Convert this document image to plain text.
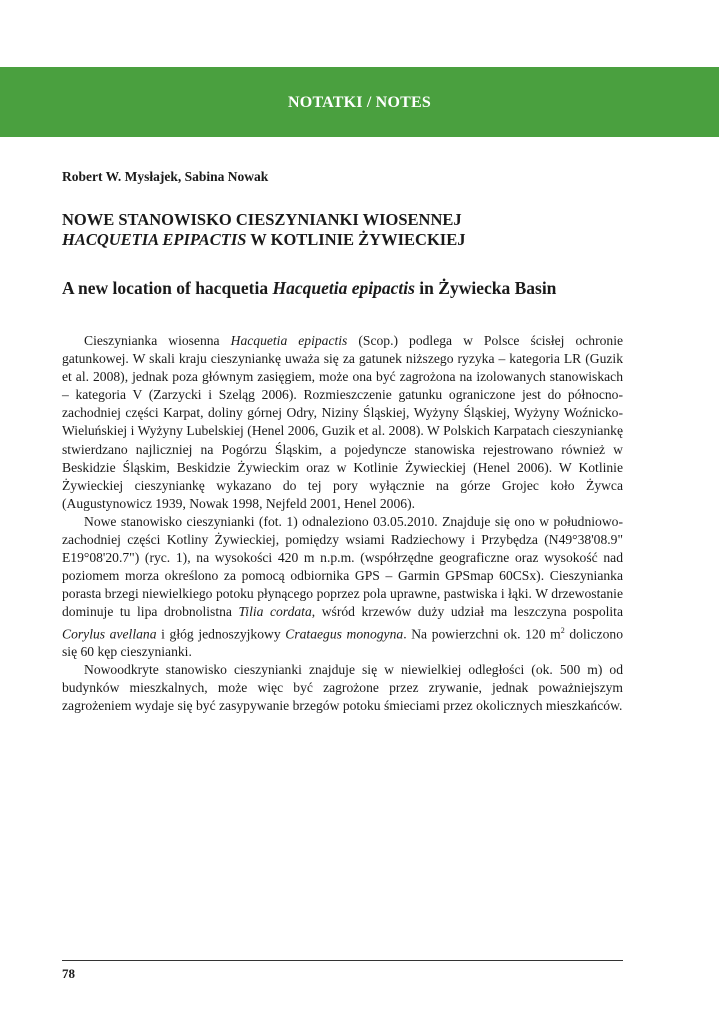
NOTATKI / NOTES
Robert W. Mysłajek, Sabina Nowak
NOWE STANOWISKO CIESZYNIANKI WIOSENNEJ
HACQUETIA EPIPACTIS W KOTLINIE ŻYWIECKIEJ
A new location of hacquetia Hacquetia epipactis in Żywiecka Basin

Cieszynianka wiosenna Hacquetia epipactis (Scop.) podlega w Polsce ścisłej ochronie gatunkowej. W skali kraju cieszyniankę uważa się za gatunek niższego ryzyka – kategoria LR (Guzik et al. 2008), jednak poza głównym zasięgiem, może ona być zagrożona na izolowanych stanowiskach – kategoria V (Zarzycki i Szeląg 2006). Rozmieszczenie gatunku ograniczone jest do północno-zachodniej części Karpat, doliny górnej Odry, Niziny Śląskiej, Wyżyny Śląskiej, Wyżyny Woźnicko-Wieluńskiej i Wyżyny Lubelskiej (Henel 2006, Guzik et al. 2008). W Polskich Karpatach cieszyniankę stwierdzano najliczniej na Pogórzu Śląskim, a pojedyncze stanowiska rejestrowano również w Beskidzie Śląskim, Beskidzie Żywieckim oraz w Kotlinie Żywieckiej (Henel 2006). W Kotlinie Żywieckiej cieszyniankę wykazano do tej pory wyłącznie na górze Grojec koło Żywca (Augustynowicz 1939, Nowak 1998, Nejfeld 2001, Henel 2006).

Nowe stanowisko cieszynianki (fot. 1) odnaleziono 03.05.2010. Znajduje się ono w południowo-zachodniej części Kotliny Żywieckiej, pomiędzy wsiami Radziechowy i Przybędza (N49°38'08.9" E19°08'20.7") (ryc. 1), na wysokości 420 m n.p.m. (współrzędne geograficzne oraz wysokość nad poziomem morza określono za pomocą odbiornika GPS – Garmin GPSmap 60CSx). Cieszynianka porasta brzegi niewielkiego potoku płynącego poprzez pola uprawne, pastwiska i łąki. W drzewostanie dominuje tu lipa drobnolistna Tilia cordata, wśród krzewów duży udział ma leszczyna pospolita Corylus avellana i głóg jednoszyjkowy Crataegus monogyna. Na powierzchni ok. 120 $m^2$ doliczono się 60 kęp cieszynianki.

Nowoodkryte stanowisko cieszynianki znajduje się w niewielkiej odległości (ok. 500 m) od budynków mieszkalnych, może więc być zagrożone przez zrywanie, jednak poważniejszym zagrożeniem wydaje się być zasypywanie brzegów potoku śmieciami przez okolicznych mieszkańców.

78
